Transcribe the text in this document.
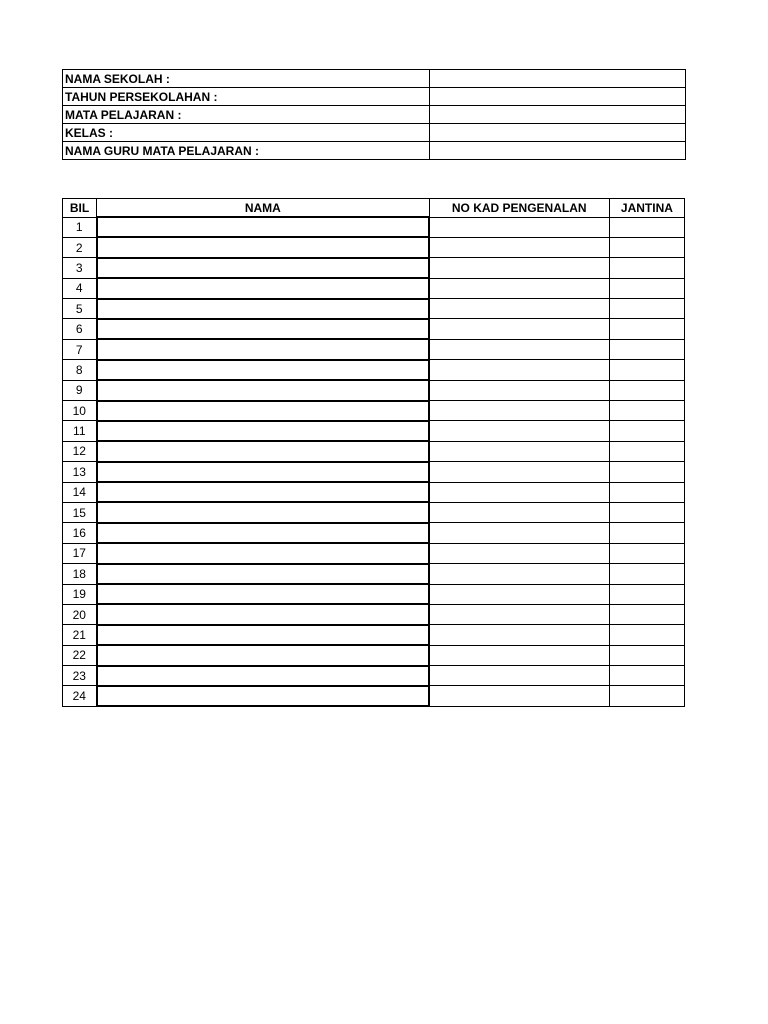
NAMA SEKOLAH :	
TAHUN PERSEKOLAHAN :	
MATA PELAJARAN :	
KELAS :	
NAMA GURU MATA PELAJARAN :	
BIL	NAMA	NO KAD PENGENALAN	JANTINA
1			
2			
3			
4			
5			
6			
7			
8			
9			
10			
11			
12			
13			
14			
15			
16			
17			
18			
19			
20			
21			
22			
23			
24			
